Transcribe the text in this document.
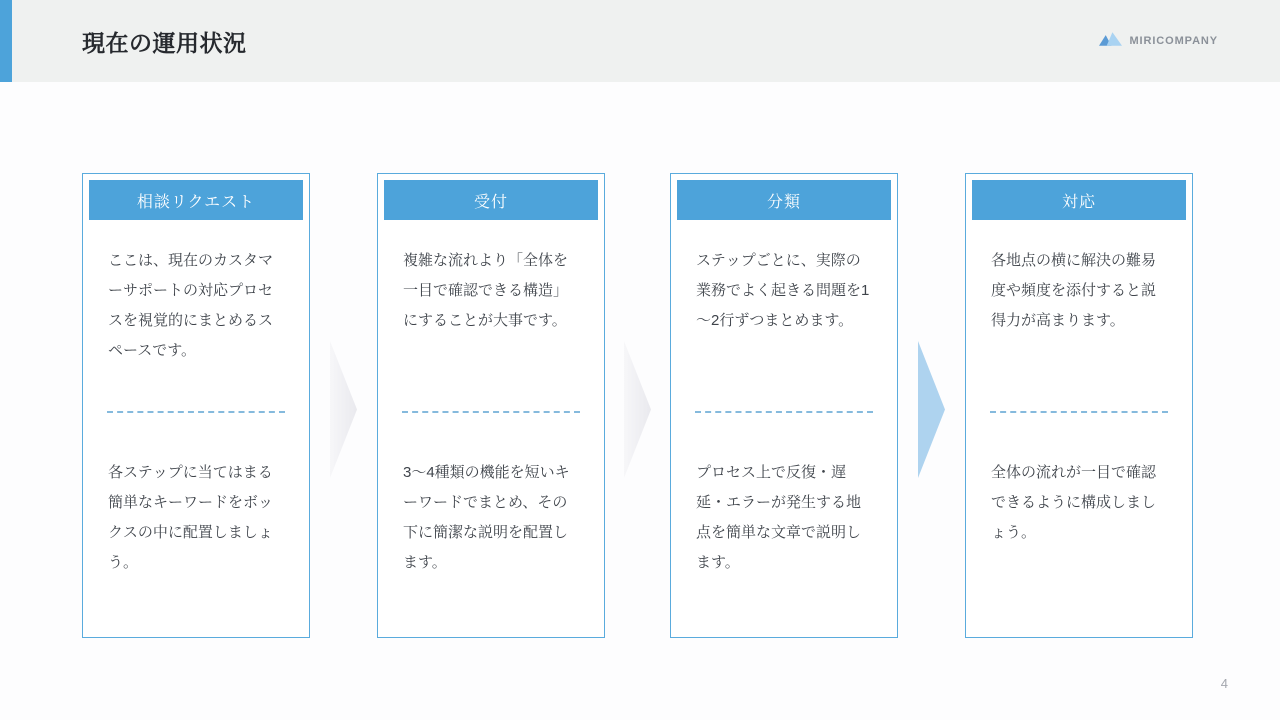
現在の運用状況	MIRICOMPANY
相談リクエスト
ここは、現在のカスタマーサポートの対応プロセスを視覚的にまとめるスペースです。
各ステップに当てはまる簡単なキーワードをボックスの中に配置しましょう。
受付
複雑な流れより「全体を一目で確認できる構造」にすることが大事です。
3～4種類の機能を短いキーワードでまとめ、その下に簡潔な説明を配置します。
分類
ステップごとに、実際の業務でよく起きる問題を1～2行ずつまとめます。
プロセス上で反復・遅延・エラーが発生する地点を簡単な文章で説明します。
対応
各地点の横に解決の難易度や頻度を添付すると説得力が高まります。
全体の流れが一目で確認できるように構成しましょう。
4
